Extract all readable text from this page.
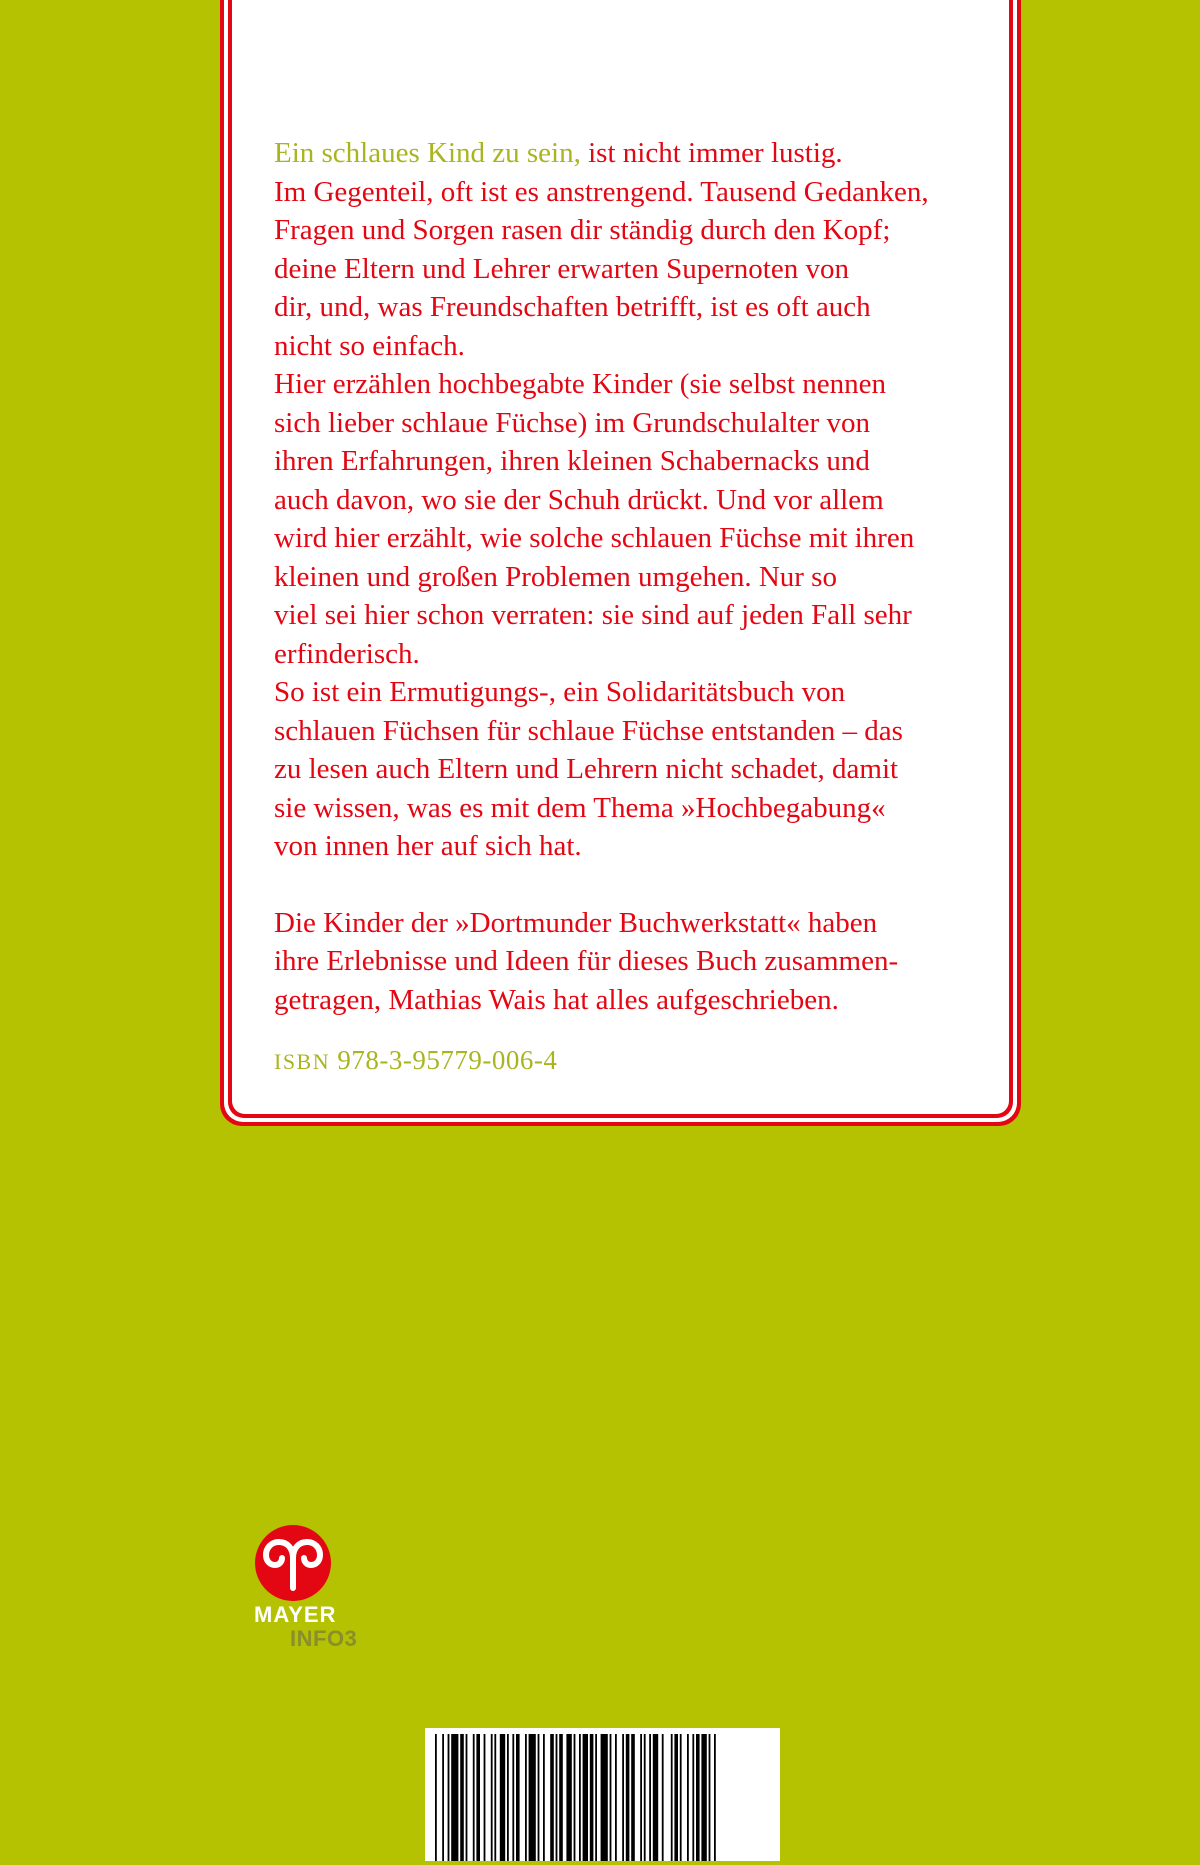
Ein schlaues Kind zu sein, ist nicht immer lustig.

Im Gegenteil, oft ist es anstrengend. Tausend Gedanken,

Fragen und Sorgen rasen dir ständig durch den Kopf;

deine Eltern und Lehrer erwarten Supernoten von

dir, und, was Freundschaften betrifft, ist es oft auch

nicht so einfach.

Hier erzählen hochbegabte Kinder (sie selbst nennen

sich lieber schlaue Füchse) im Grundschulalter von

ihren Erfahrungen, ihren kleinen Schabernacks und

auch davon, wo sie der Schuh drückt. Und vor allem

wird hier erzählt, wie solche schlauen Füchse mit ihren

kleinen und großen Problemen umgehen. Nur so

viel sei hier schon verraten: sie sind auf jeden Fall sehr

erfinderisch.

So ist ein Ermutigungs-, ein Solidaritätsbuch von

schlauen Füchsen für schlaue Füchse entstanden – das

zu lesen auch Eltern und Lehrern nicht schadet, damit

sie wissen, was es mit dem Thema »Hochbegabung«

von innen her auf sich hat.

Die Kinder der »Dortmunder Buchwerkstatt« haben

ihre Erlebnisse und Ideen für dieses Buch zusammen-

getragen, Mathias Wais hat alles aufgeschrieben.

ISBN 978-3-95779-006-4
MAYER
INFO3
